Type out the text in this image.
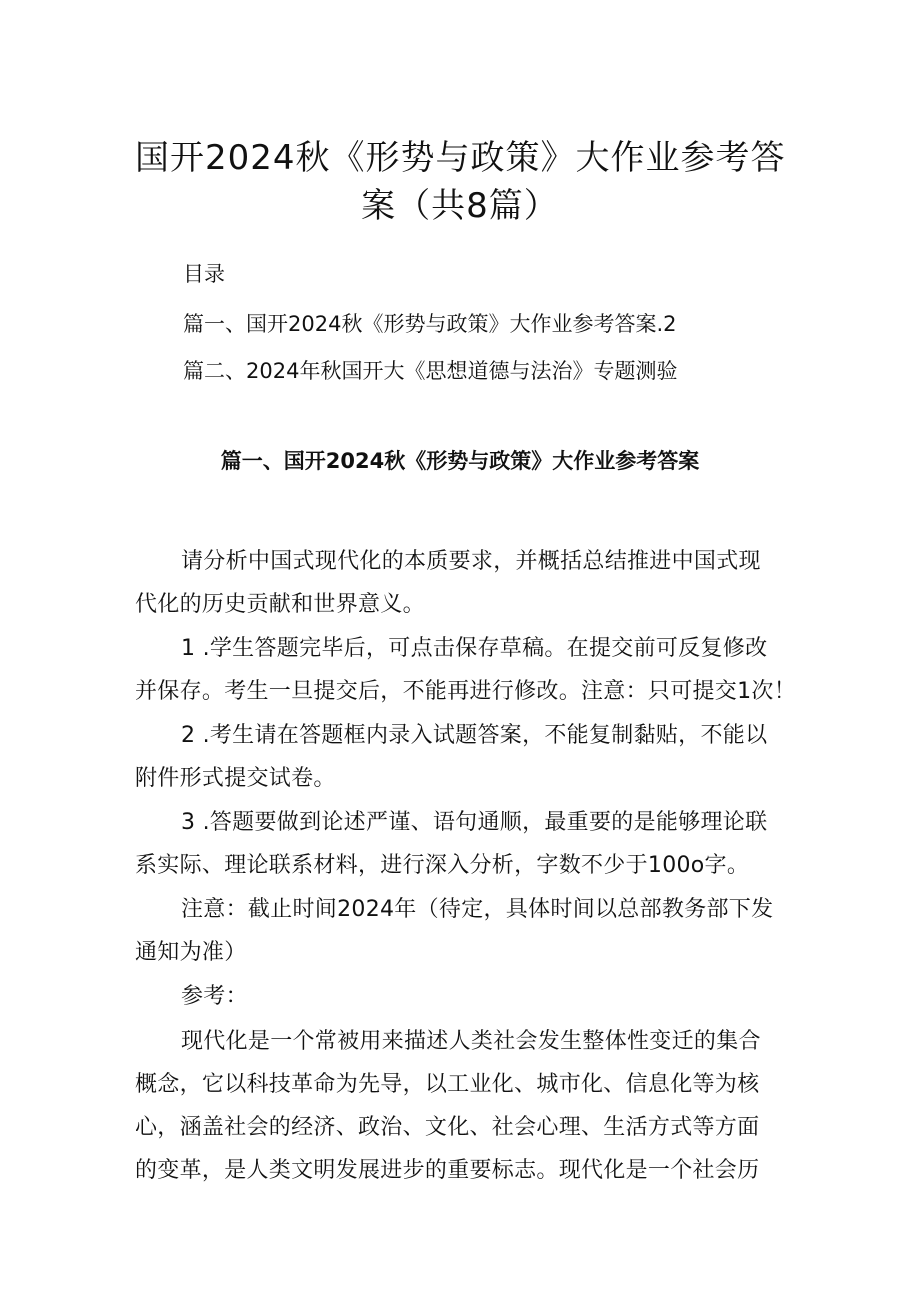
国开2024秋《形势与政策》大作业参考答
案（共8篇）
目录
篇一、国开2024秋《形势与政策》大作业参考答案.2
篇二、2024年秋国开大《思想道德与法治》专题测验
篇一、国开2024秋《形势与政策》大作业参考答案
请分析中国式现代化的本质要求，并概括总结推进中国式现
代化的历史贡献和世界意义。
1 .学生答题完毕后，可点击保存草稿。在提交前可反复修改
并保存。考生一旦提交后，不能再进行修改。注意：只可提交1次！
2 .考生请在答题框内录入试题答案，不能复制黏贴，不能以
附件形式提交试卷。
3 .答题要做到论述严谨、语句通顺，最重要的是能够理论联
系实际、理论联系材料，进行深入分析，字数不少于100o字。
注意：截止时间2024年（待定，具体时间以总部教务部下发
通知为准）
参考：
现代化是一个常被用来描述人类社会发生整体性变迁的集合
概念，它以科技革命为先导，以工业化、城市化、信息化等为核
心，涵盖社会的经济、政治、文化、社会心理、生活方式等方面
的变革，是人类文明发展进步的重要标志。现代化是一个社会历
